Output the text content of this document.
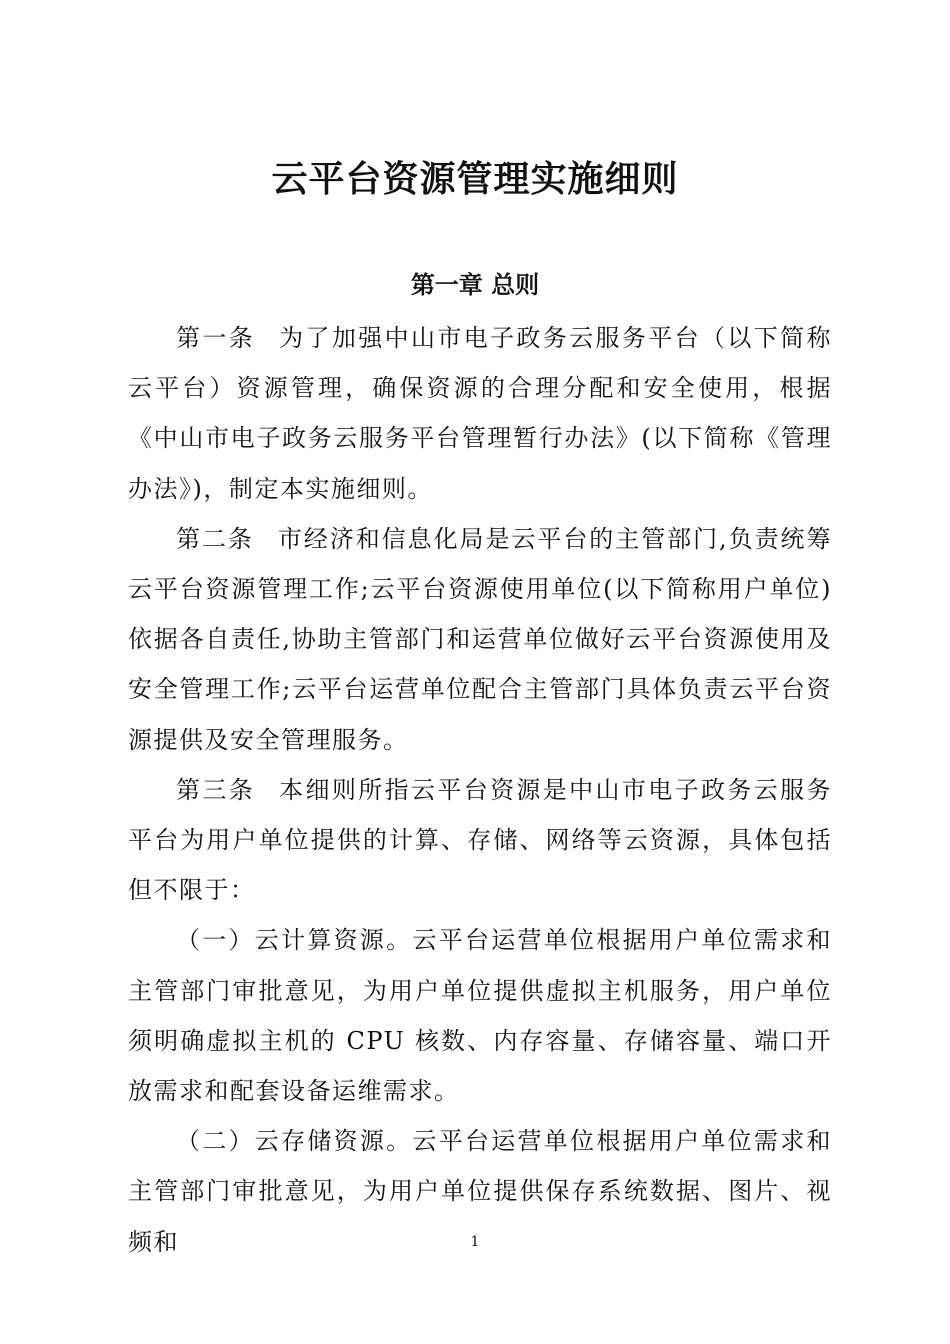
云平台资源管理实施细则
第一章 总则

第一条 为了加强中山市电子政务云服务平台（以下简称云平台）资源管理，确保资源的合理分配和安全使用，根据《中山市电子政务云服务平台管理暂行办法》(以下简称《管理办法》)，制定本实施细则。

第二条 市经济和信息化局是云平台的主管部门,负责统筹云平台资源管理工作;云平台资源使用单位(以下简称用户单位)依据各自责任,协助主管部门和运营单位做好云平台资源使用及安全管理工作;云平台运营单位配合主管部门具体负责云平台资源提供及安全管理服务。

第三条 本细则所指云平台资源是中山市电子政务云服务平台为用户单位提供的计算、存储、网络等云资源，具体包括但不限于：

（一）云计算资源。云平台运营单位根据用户单位需求和主管部门审批意见，为用户单位提供虚拟主机服务，用户单位须明确虚拟主机的 CPU 核数、内存容量、存储容量、端口开放需求和配套设备运维需求。

（二）云存储资源。云平台运营单位根据用户单位需求和主管部门审批意见，为用户单位提供保存系统数据、图片、视频和	1
